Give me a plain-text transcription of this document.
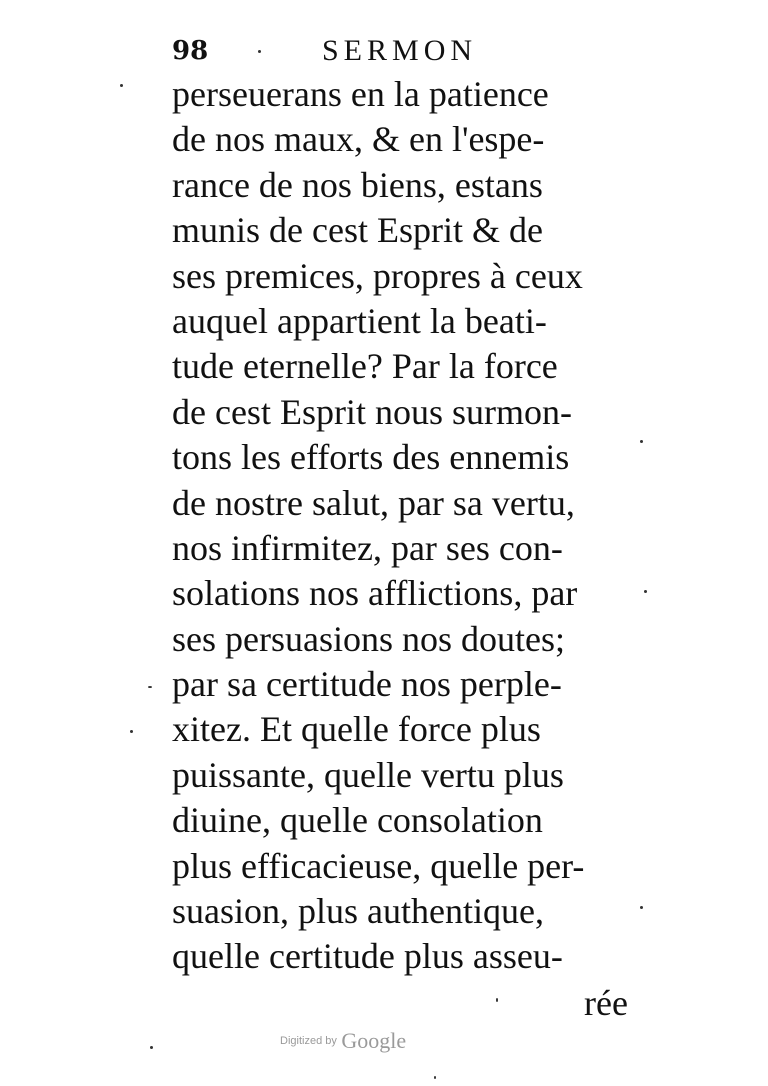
98	SERMON
perseuerans en la patience
de nos maux, & en l'espe-
rance de nos biens, estans
munis de cest Esprit & de
ses premices, propres à ceux
auquel appartient la beati-
tude eternelle? Par la force
de cest Esprit nous surmon-
tons les efforts des ennemis
de nostre salut, par sa vertu,
nos infirmitez, par ses con-
solations nos afflictions, par
ses persuasions nos doutes;
par sa certitude nos perple-
xitez. Et quelle force plus
puissante, quelle vertu plus
diuine, quelle consolation
plus efficacieuse, quelle per-
suasion, plus authentique,
quelle certitude plus asseu-
rée
Digitized by Google
